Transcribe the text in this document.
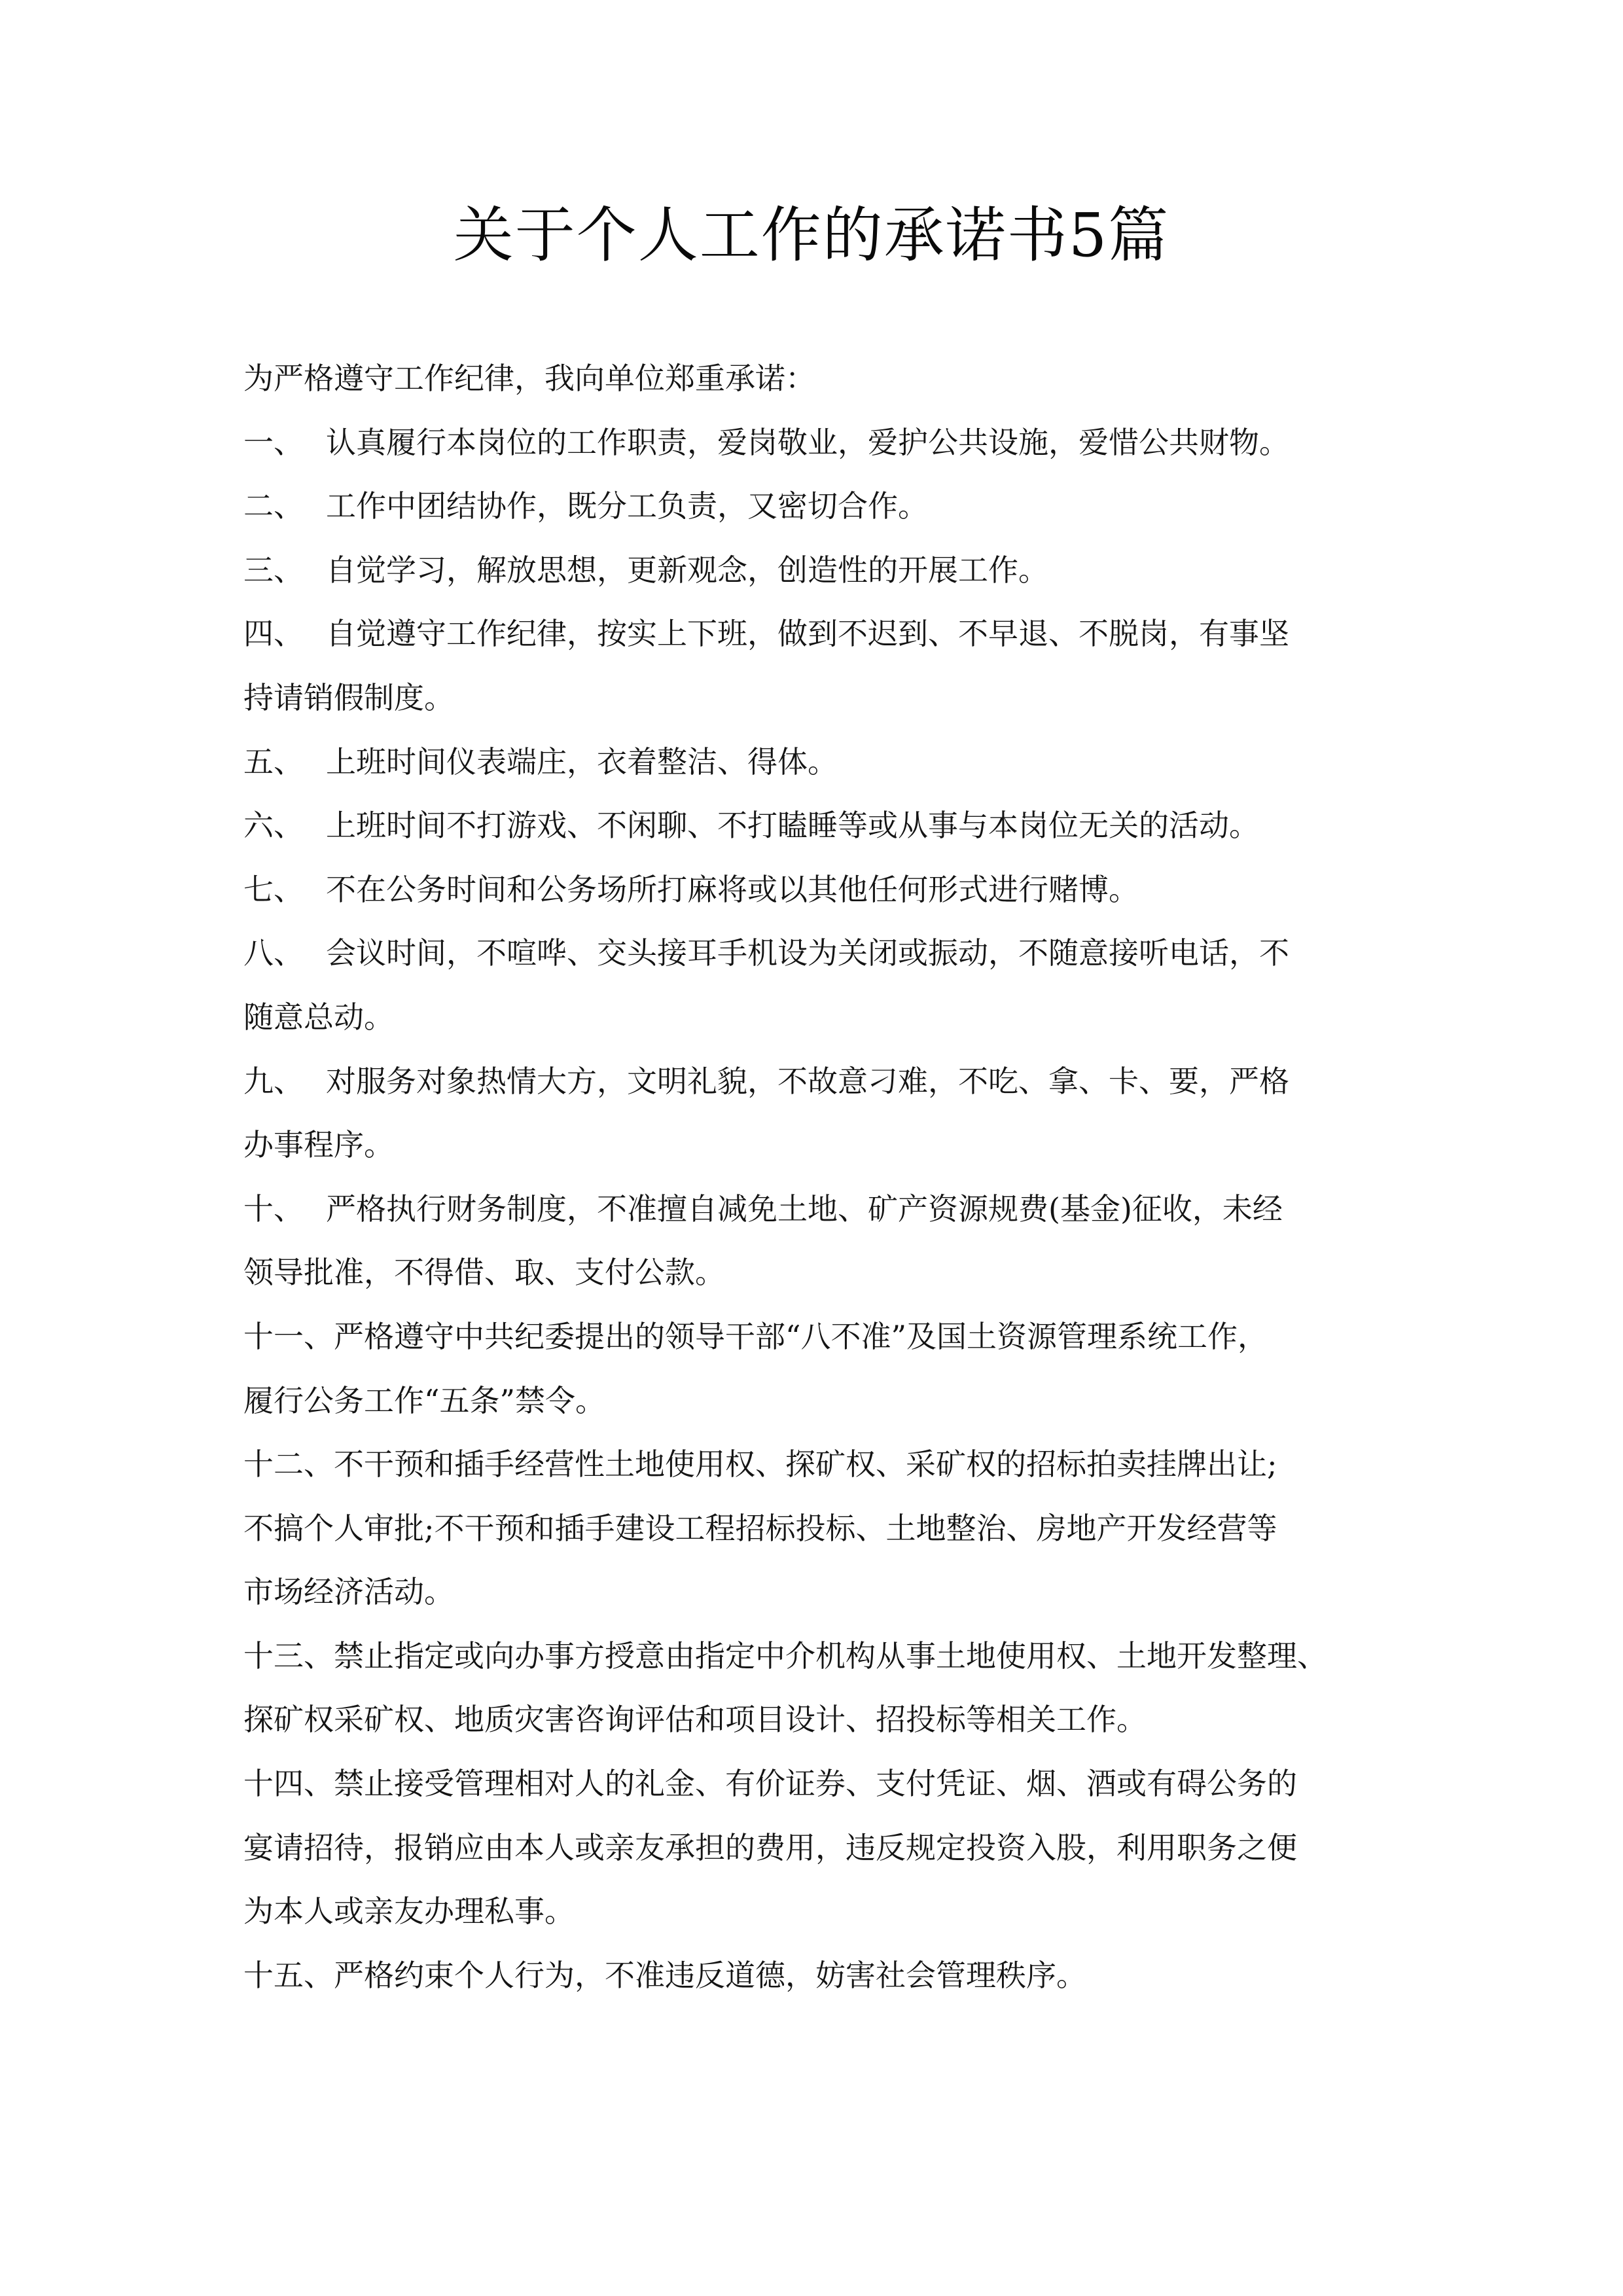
关于个人工作的承诺书5篇
为严格遵守工作纪律，我向单位郑重承诺：
一、 认真履行本岗位的工作职责，爱岗敬业，爱护公共设施，爱惜公共财物。
二、 工作中团结协作，既分工负责，又密切合作。
三、 自觉学习，解放思想，更新观念，创造性的开展工作。
四、 自觉遵守工作纪律，按实上下班，做到不迟到、不早退、不脱岗，有事坚
持请销假制度。
五、 上班时间仪表端庄，衣着整洁、得体。
六、 上班时间不打游戏、不闲聊、不打瞌睡等或从事与本岗位无关的活动。
七、 不在公务时间和公务场所打麻将或以其他任何形式进行赌博。
八、 会议时间，不喧哗、交头接耳手机设为关闭或振动，不随意接听电话，不
随意总动。
九、 对服务对象热情大方，文明礼貌，不故意刁难，不吃、拿、卡、要，严格
办事程序。
十、 严格执行财务制度，不准擅自减免土地、矿产资源规费(基金)征收，未经
领导批准，不得借、取、支付公款。
十一、严格遵守中共纪委提出的领导干部“八不准”及国土资源管理系统工作，
履行公务工作“五条”禁令。
十二、不干预和插手经营性土地使用权、探矿权、采矿权的招标拍卖挂牌出让;
不搞个人审批;不干预和插手建设工程招标投标、土地整治、房地产开发经营等
市场经济活动。
十三、禁止指定或向办事方授意由指定中介机构从事土地使用权、土地开发整理、
探矿权采矿权、地质灾害咨询评估和项目设计、招投标等相关工作。
十四、禁止接受管理相对人的礼金、有价证券、支付凭证、烟、酒或有碍公务的
宴请招待，报销应由本人或亲友承担的费用，违反规定投资入股，利用职务之便
为本人或亲友办理私事。
十五、严格约束个人行为，不准违反道德，妨害社会管理秩序。
